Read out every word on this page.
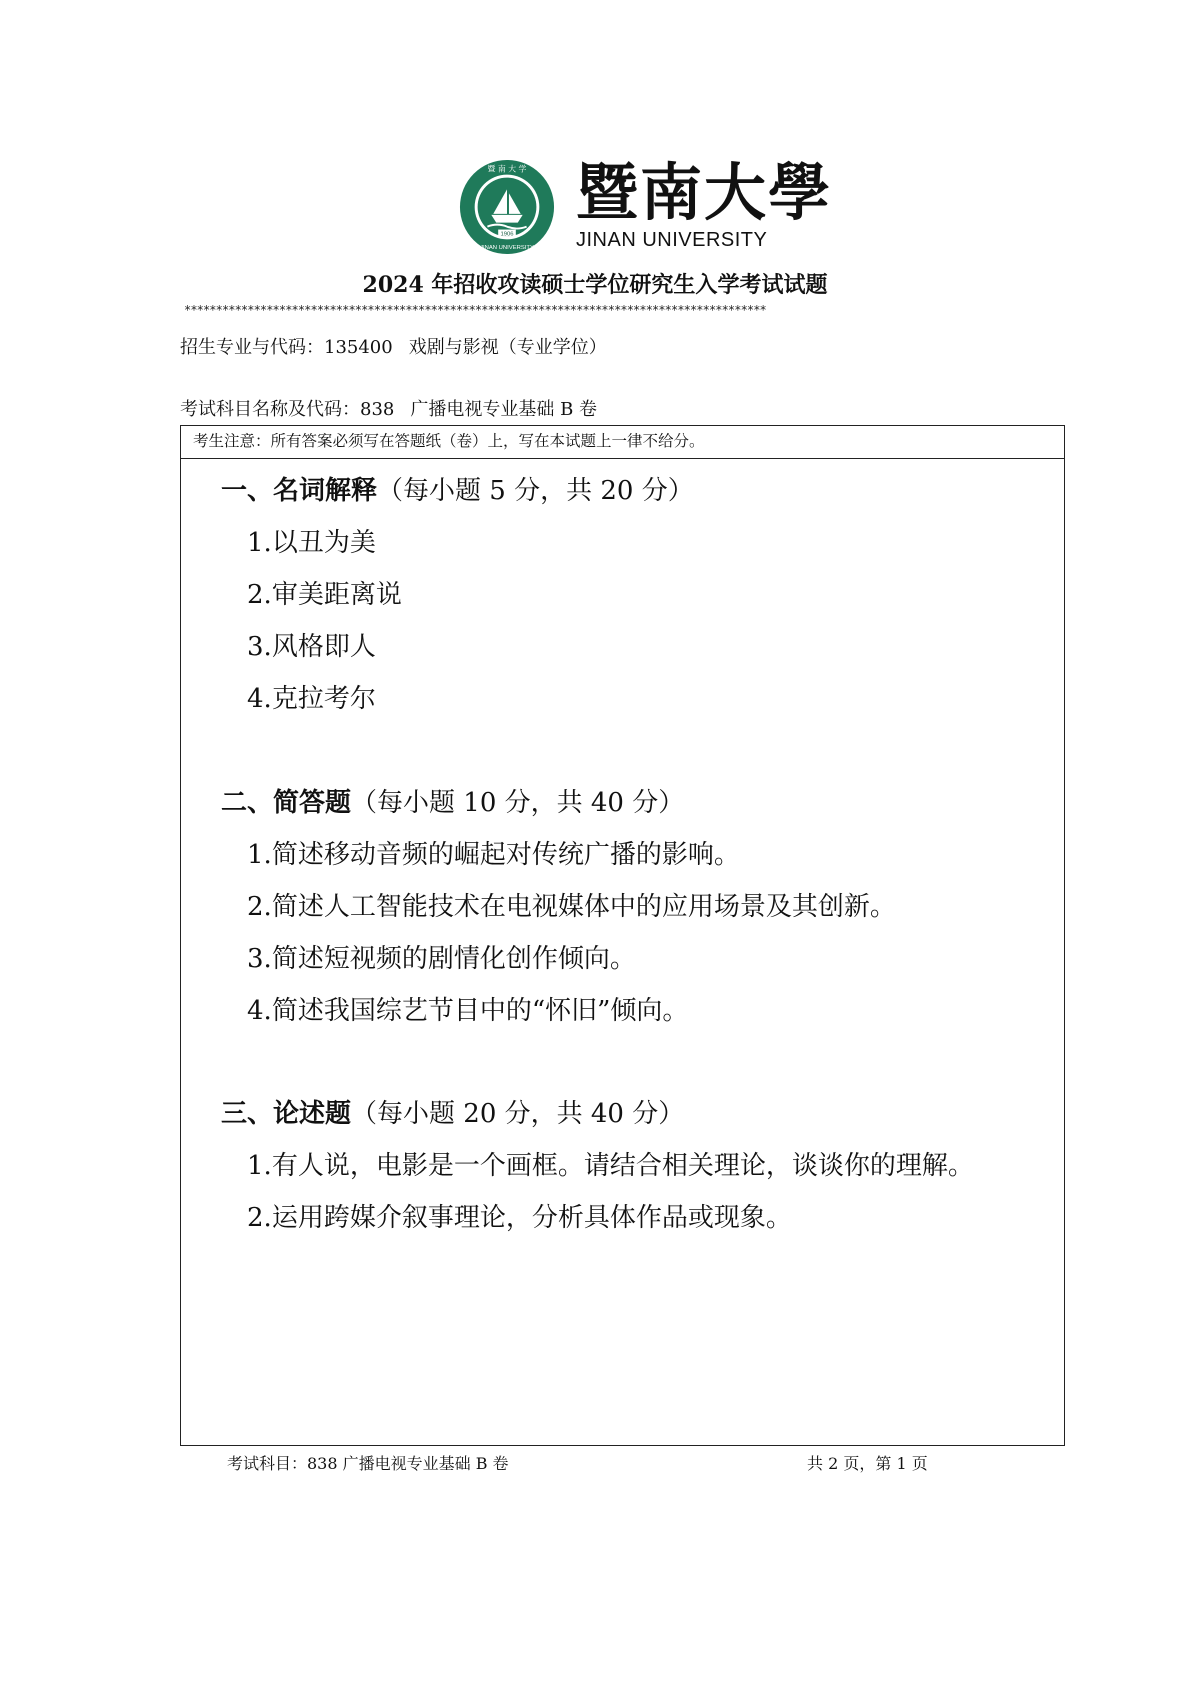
1906
暨 南 大 学
JINAN UNIVERSITY
暨南大學
JINAN UNIVERSITY
2024 年招收攻读硕士学位研究生入学考试试题
********************************************************************************************
招生专业与代码：135400 戏剧与影视（专业学位）
考试科目名称及代码：838 广播电视专业基础 B 卷
考生注意：所有答案必须写在答题纸（卷）上，写在本试题上一律不给分。
一、名词解释（每小题 5 分，共 20 分）
1.以丑为美
2.审美距离说
3.风格即人
4.克拉考尔
二、简答题（每小题 10 分，共 40 分）
1.简述移动音频的崛起对传统广播的影响。
2.简述人工智能技术在电视媒体中的应用场景及其创新。
3.简述短视频的剧情化创作倾向。
4.简述我国综艺节目中的“怀旧”倾向。
三、论述题（每小题 20 分，共 40 分）
1.有人说，电影是一个画框。请结合相关理论，谈谈你的理解。
2.运用跨媒介叙事理论，分析具体作品或现象。
考试科目：838 广播电视专业基础 B 卷	共 2 页，第 1 页
